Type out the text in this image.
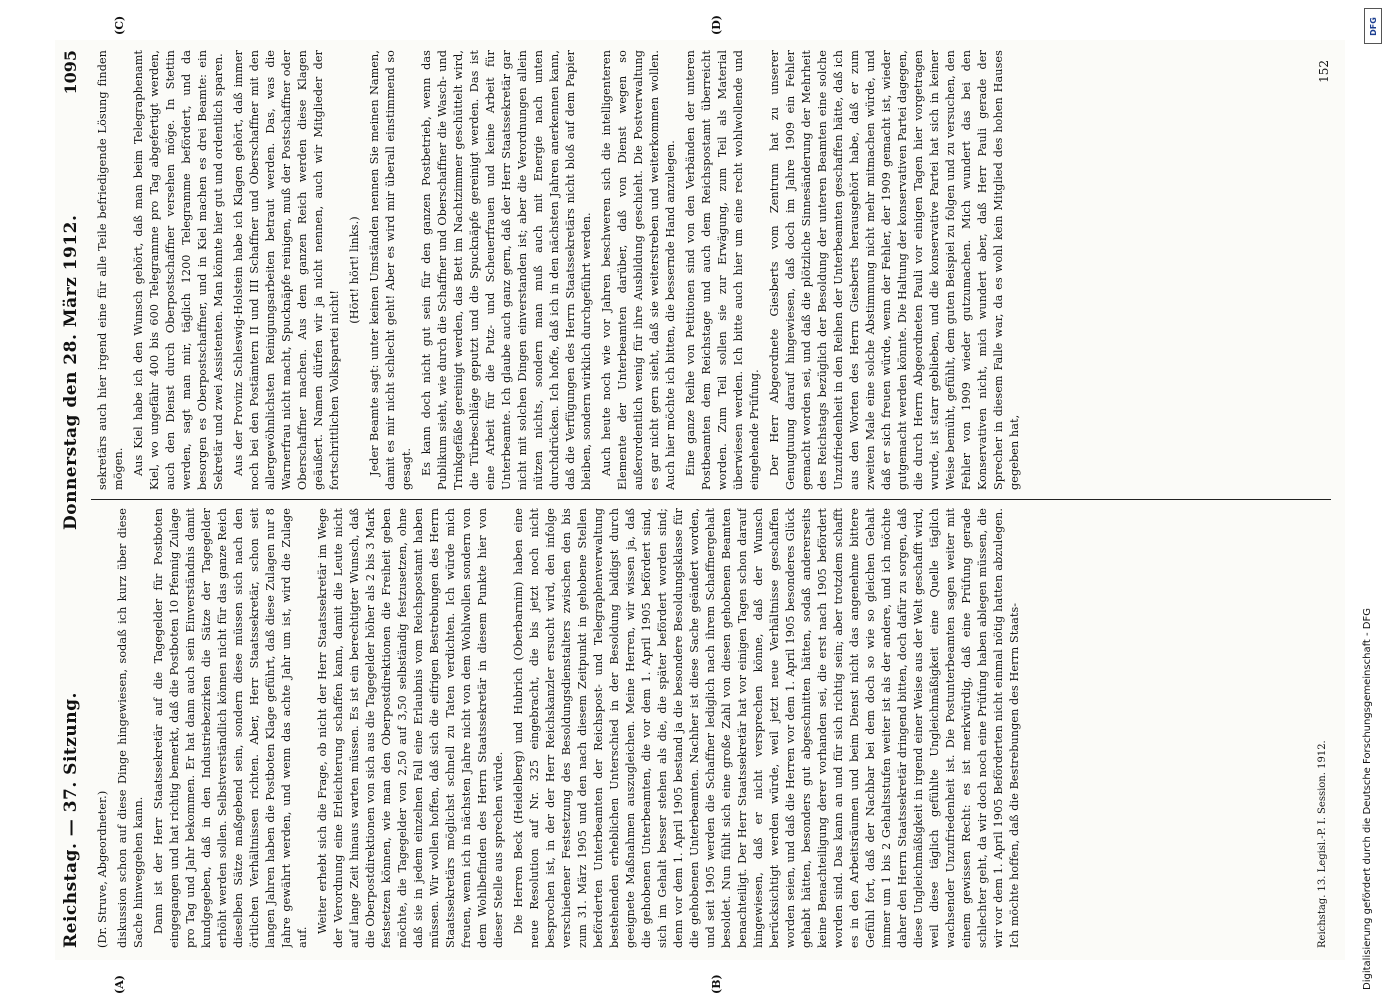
Reichstag. — 37. Sitzung.
Donnerstag den 28. März 1912.
1095
(A)	(B)
(C)	(D)

(Dr. Struve, Abgeordneter.) diskussion schon auf diese Dinge hingewiesen, sodaß ich kurz über diese Sache hinweggehen kann. Dann ist der Herr Staatssekretär auf die Tagegelder für Postboten eingegangen und hat richtig bemerkt, daß die Postboten 10 Pfennig Zulage pro Tag und Jahr bekommen. Er hat dann auch sein Einverständnis damit kundgegeben, daß in den Industriebezirken die Sätze der Tagegelder erhöht werden sollen. Selbstverständlich können nicht für das ganze Reich dieselben Sätze maßgebend sein, sondern diese müssen sich nach den örtlichen Verhältnissen richten. Aber, Herr Staatssekretär, schon seit langen Jahren haben die Postboten Klage geführt, daß diese Zulagen nur 8 Jahre gewährt werden, und wenn das achte Jahr um ist, wird die Zulage auf.

Weiter erhebt sich die Frage, ob nicht der Herr Staatssekretär im Wege der Verordnung eine Erleichterung schaffen kann, damit die Leute nicht auf lange Zeit hinaus warten müssen. Es ist ein berechtigter Wunsch, daß die Oberpostdirektionen von sich aus die Tagegelder höher als 2 bis 3 Mark festsetzen können, wie man den Oberpostdirektionen die Freiheit geben möchte, die Tagegelder von 2,50 auf 3,50 selbständig festzusetzen, ohne daß sie in jedem einzelnen Fall eine Erlaubnis vom Reichspostamt haben müssen. Wir wollen hoffen, daß sich die eifrigen Bestrebungen des Herrn Staatssekretärs möglichst schnell zu Taten verdichten. Ich würde mich freuen, wenn ich in nächsten Jahre nicht von dem Wohlwollen sondern von dem Wohlbefinden des Herrn Staatssekretär in diesem Punkte hier von dieser Stelle aus sprechen würde. Die Herren Beck (Heidelberg) und Hubrich (Oberbarnim) haben eine neue Resolution auf Nr. 325 eingebracht, die bis jetzt noch nicht besprochen ist, in der der Herr Reichskanzler ersucht wird, den infolge verschiedener Festsetzung des Besoldungsdienstalters zwischen den bis zum 31. März 1905 und den nach diesem Zeitpunkt in gehobene Stellen beförderten Unterbeamten der Reichspost- und Telegraphenverwaltung bestehenden erheblichen Unterschied in der Besoldung baldigst durch geeignete Maßnahmen auszugleichen. Meine Herren, wir wissen ja, daß die gehobenen Unterbeamten, die vor dem 1. April 1905 befördert sind, sich im Gehalt besser stehen als die, die später befördert worden sind; denn vor dem 1. April 1905 bestand ja die besondere Besoldungsklasse für die gehobenen Unterbeamten. Nachher ist diese Sache geändert worden, und seit 1905 werden die Schaffner lediglich nach ihrem Schaffnergehalt besoldet. Nun fühlt sich eine große Zahl von diesen gehobenen Beamten benachteiligt. Der Herr Staatssekretär hat vor einigen Tagen schon darauf hingewiesen, daß er nicht versprechen könne, daß der Wunsch berücksichtigt werden würde, weil jetzt neue Verhältnisse geschaffen worden seien, und daß die Herren vor dem 1. April 1905 besonderes Glück gehabt hätten, besonders gut abgeschnitten hätten, sodaß andererseits keine Benachteiligung derer vorhanden sei, die erst nach 1905 befördert worden sind. Das kann an und für sich richtig sein; aber trotzdem schafft es in den Arbeitsräumen und beim Dienst nicht das angenehme bittere Gefühl fort, daß der Nachbar bei dem doch so wie so gleichen Gehalt immer um 1 bis 2 Gehaltsstufen weiter ist als der andere, und ich möchte daher den Herrn Staatssekretär dringend bitten, doch dafür zu sorgen, daß diese Ungleichmäßigkeit in irgend einer Weise aus der Welt geschafft wird, weil diese täglich gefühlte Ungleichmäßigkeit eine Quelle täglich wachsender Unzufriedenheit ist. Die Postunterbeamten sagen weiter mit einem gewissen Recht: es ist merkwürdig, daß eine Prüfung gerade schlechter geht, da wir doch noch eine Prüfung haben ablegen müssen, die wir vor dem 1. April 1905 Beförderten nicht einmal nötig hatten abzulegen. Ich möchte hoffen, daß die Bestrebungen des Herrn Staats-

sekretärs auch hier irgend eine für alle Teile befriedigende Lösung finden mögen. Aus Kiel habe ich den Wunsch gehört, daß man beim Telegraphenamt Kiel, wo ungefähr 400 bis 600 Telegramme pro Tag abgefertigt werden, auch den Dienst durch Oberpostschaffner versehen möge. In Stettin werden, sagt man mir, täglich 1200 Telegramme befördert, und da besorgen es Oberpostschaffner, und in Kiel machen es drei Beamte: ein Sekretär und zwei Assistenten. Man könnte hier gut und ordentlich sparen. Aus der Provinz Schleswig-Holstein habe ich Klagen gehört, daß immer noch bei den Postämtern II und III Schaffner und Oberschaffner mit den allergewöhnlichsten Reinigungsarbeiten betraut werden. Das, was die Warnerfrau nicht macht, Spucknäpfe reinigen, muß der Postschaffner oder Oberschaffner machen. Aus dem ganzen Reich werden diese Klagen geäußert. Namen dürfen wir ja nicht nennen, auch wir Mitglieder der fortschrittlichen Volkspartei nicht!

(Hört! hört! links.) Jeder Beamte sagt: unter keinen Umständen nennen Sie meinen Namen, damit es mir nicht schlecht geht! Aber es wird mir überall einstimmend so gesagt. Es kann doch nicht gut sein für den ganzen Postbetrieb, wenn das Publikum sieht, wie durch die Schaffner und Oberschaffner die Wasch- und Trinkgefäße gereinigt werden, das Bett im Nachtzimmer geschüttelt wird, die Türbeschläge geputzt und die Spucknäpfe gereinigt werden. Das ist eine Arbeit für die Putz- und Scheuerfrauen und keine Arbeit für Unterbeamte. Ich glaube auch ganz gern, daß der Herr Staatssekretär gar nicht mit solchen Dingen einverstanden ist; aber die Verordnungen allein nützen nichts, sondern man muß auch mit Energie nach unten durchdrücken. Ich hoffe, daß ich in den nächsten Jahren anerkennen kann, daß die Verfügungen des Herrn Staatssekretärs nicht bloß auf dem Papier bleiben, sondern wirklich durchgeführt werden. Auch heute noch wie vor Jahren beschweren sich die intelligenteren Elemente der Unterbeamten darüber, daß von Dienst wegen so außerordentlich wenig für ihre Ausbildung geschieht. Die Postverwaltung es gar nicht gern sieht, daß sie weiterstreben und weiterkommen wollen. Auch hier möchte ich bitten, die bessernde Hand anzulegen. Eine ganze Reihe von Petitionen sind von den Verbänden der unteren Postbeamten dem Reichstage und auch dem Reichspostamt überreicht worden. Zum Teil sollen sie zur Erwägung, zum Teil als Material überwiesen werden. Ich bitte auch hier um eine recht wohlwollende und eingehende Prüfung. Der Herr Abgeordnete Giesberts vom Zentrum hat zu unserer Genugtuung darauf hingewiesen, daß doch im Jahre 1909 ein Fehler gemacht worden sei, und daß die plötzliche Sinnesänderung der Mehrheit des Reichstags bezüglich der Besoldung der unteren Beamten eine solche Unzufriedenheit in den Reihen der Unterbeamten geschaffen hätte, daß ich aus den Worten des Herrn Giesberts herausgehört habe, daß er zum zweiten Male eine solche Abstimmung nicht mehr mitmachen würde, und daß er sich freuen würde, wenn der Fehler, der 1909 gemacht ist, wieder gutgemacht werden könnte. Die Haltung der konservativen Partei dagegen, die durch Herrn Abgeordneten Pauli vor einigen Tagen hier vorgetragen wurde, ist starr geblieben, und die konservative Partei hat sich in keiner Weise bemüht, gefühlt, dem guten Beispiel zu folgen und zu versuchen, den Fehler von 1909 wieder gutzumachen. Mich wundert das bei den Konservativen nicht, mich wundert aber, daß Herr Pauli gerade der Sprecher in diesem Falle war, da es wohl kein Mitglied des hohen Hauses gegeben hat,

Reichstag. 13. Legisl.-P. I. Session. 1912.
152
DFG
Digitalisierung gefördert durch die Deutsche Forschungsgemeinschaft - DFG
